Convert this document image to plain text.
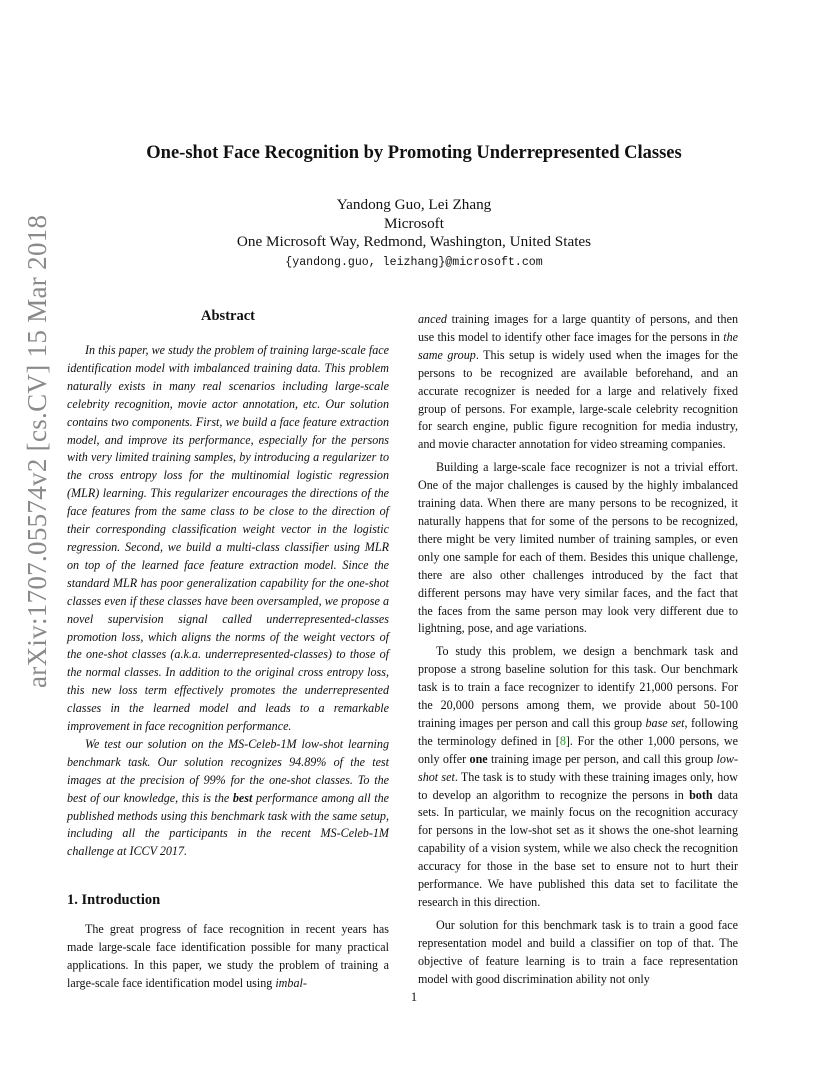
arXiv:1707.05574v2 [cs.CV] 15 Mar 2018
One-shot Face Recognition by Promoting Underrepresented Classes
Yandong Guo, Lei Zhang
Microsoft
One Microsoft Way, Redmond, Washington, United States
{yandong.guo, leizhang}@microsoft.com
Abstract

In this paper, we study the problem of training large-scale face identification model with imbalanced training data. This problem naturally exists in many real scenarios including large-scale celebrity recognition, movie actor annotation, etc. Our solution contains two components. First, we build a face feature extraction model, and improve its performance, especially for the persons with very limited training samples, by introducing a regularizer to the cross entropy loss for the multinomial logistic regression (MLR) learning. This regularizer encourages the directions of the face features from the same class to be close to the direction of their corresponding classification weight vector in the logistic regression. Second, we build a multi-class classifier using MLR on top of the learned face feature extraction model. Since the standard MLR has poor generalization capability for the one-shot classes even if these classes have been oversampled, we propose a novel supervision signal called underrepresented-classes promotion loss, which aligns the norms of the weight vectors of the one-shot classes (a.k.a. underrepresented-classes) to those of the normal classes. In addition to the original cross entropy loss, this new loss term effectively promotes the underrepresented classes in the learned model and leads to a remarkable improvement in face recognition performance.

We test our solution on the MS-Celeb-1M low-shot learning benchmark task. Our solution recognizes 94.89% of the test images at the precision of 99% for the one-shot classes. To the best of our knowledge, this is the best performance among all the published methods using this benchmark task with the same setup, including all the participants in the recent MS-Celeb-1M challenge at ICCV 2017.

1. Introduction

The great progress of face recognition in recent years has made large-scale face identification possible for many practical applications. In this paper, we study the problem of training a large-scale face identification model using imbal-

anced training images for a large quantity of persons, and then use this model to identify other face images for the persons in the same group. This setup is widely used when the images for the persons to be recognized are available beforehand, and an accurate recognizer is needed for a large and relatively fixed group of persons. For example, large-scale celebrity recognition for search engine, public figure recognition for media industry, and movie character annotation for video streaming companies.

Building a large-scale face recognizer is not a trivial effort. One of the major challenges is caused by the highly imbalanced training data. When there are many persons to be recognized, it naturally happens that for some of the persons to be recognized, there might be very limited number of training samples, or even only one sample for each of them. Besides this unique challenge, there are also other challenges introduced by the fact that different persons may have very similar faces, and the fact that the faces from the same person may look very different due to lightning, pose, and age variations.

To study this problem, we design a benchmark task and propose a strong baseline solution for this task. Our benchmark task is to train a face recognizer to identify 21,000 persons. For the 20,000 persons among them, we provide about 50-100 training images per person and call this group base set, following the terminology defined in [8]. For the other 1,000 persons, we only offer one training image per person, and call this group low-shot set. The task is to study with these training images only, how to develop an algorithm to recognize the persons in both data sets. In particular, we mainly focus on the recognition accuracy for persons in the low-shot set as it shows the one-shot learning capability of a vision system, while we also check the recognition accuracy for those in the base set to ensure not to hurt their performance. We have published this data set to facilitate the research in this direction.

Our solution for this benchmark task is to train a good face representation model and build a classifier on top of that. The objective of feature learning is to train a face representation model with good discrimination ability not only

1
